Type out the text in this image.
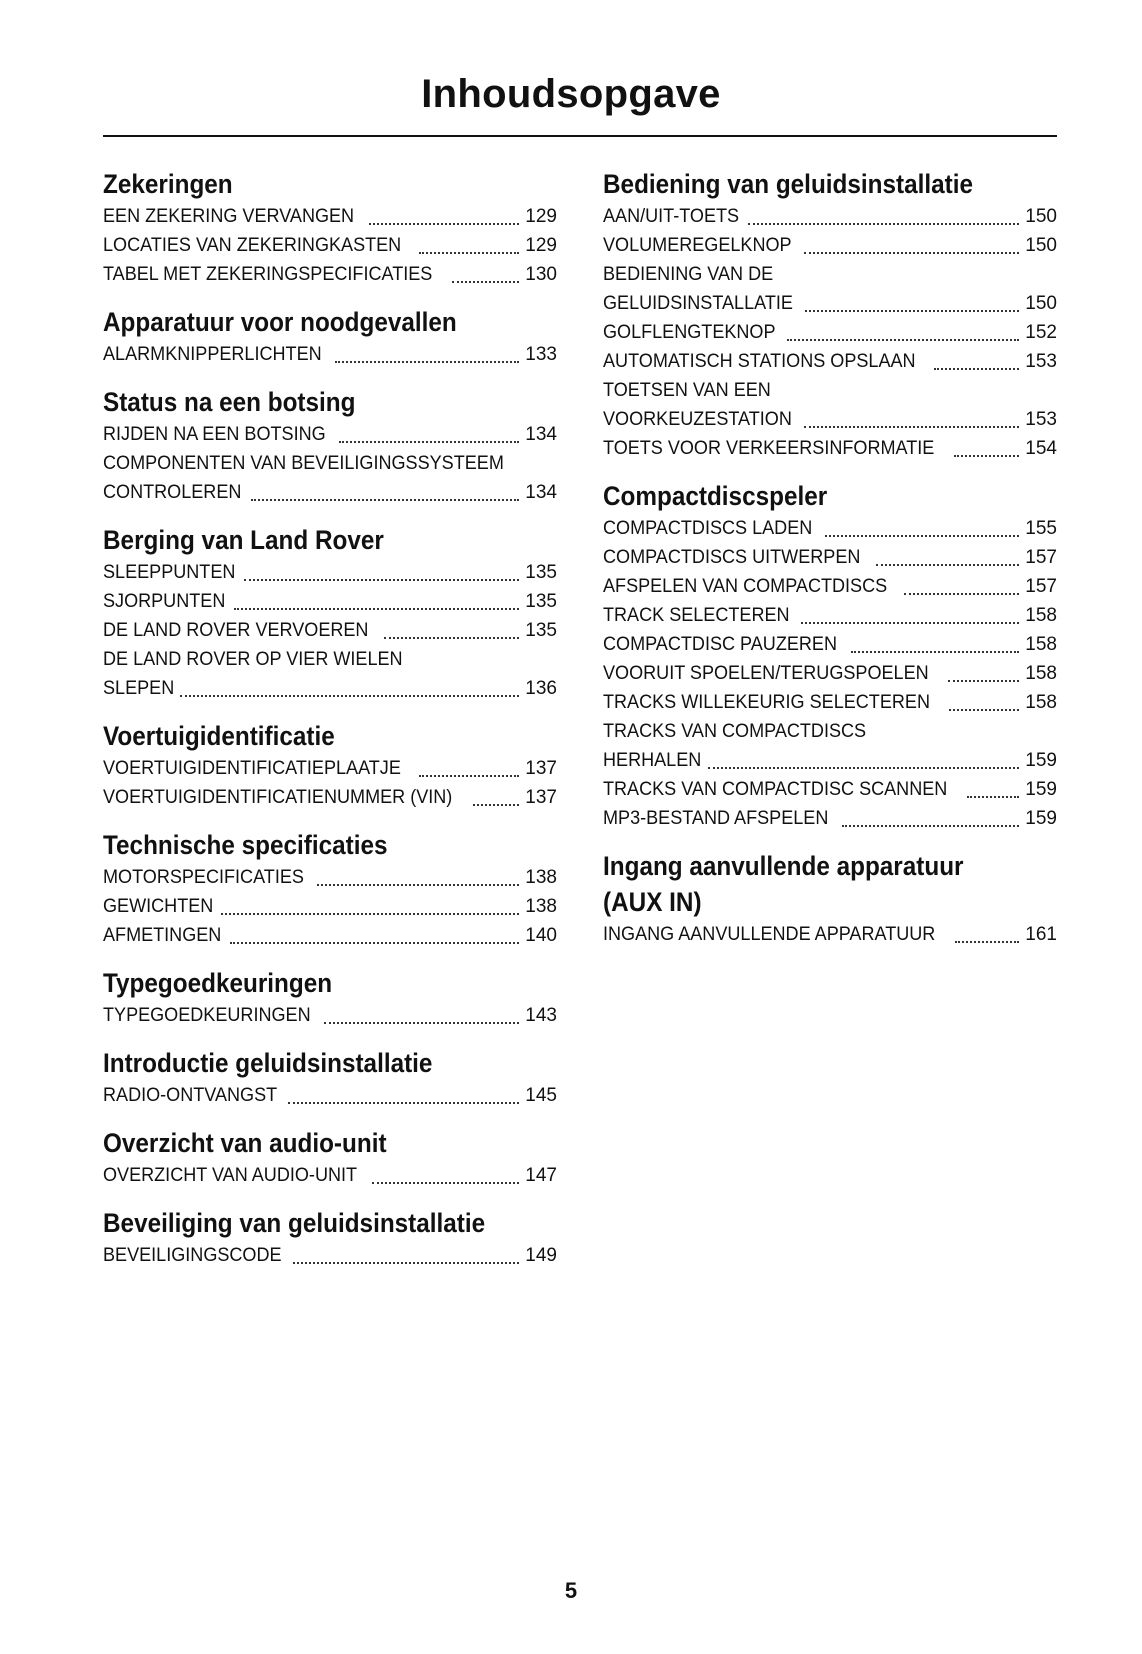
Inhoudsopgave
Zekeringen
EEN ZEKERING VERVANGEN	129
LOCATIES VAN ZEKERINGKASTEN	129
TABEL MET ZEKERINGSPECIFICATIES	130
Apparatuur voor noodgevallen
ALARMKNIPPERLICHTEN	133
Status na een botsing
RIJDEN NA EEN BOTSING	134
COMPONENTEN VAN BEVEILIGINGSSYSTEEM
CONTROLEREN	134
Berging van Land Rover
SLEEPPUNTEN	135
SJORPUNTEN	135
DE LAND ROVER VERVOEREN	135
DE LAND ROVER OP VIER WIELEN
SLEPEN	136
Voertuigidentificatie
VOERTUIGIDENTIFICATIEPLAATJE	137
VOERTUIGIDENTIFICATIENUMMER (VIN)	137
Technische specificaties
MOTORSPECIFICATIES	138
GEWICHTEN	138
AFMETINGEN	140
Typegoedkeuringen
TYPEGOEDKEURINGEN	143
Introductie geluidsinstallatie
RADIO-ONTVANGST	145
Overzicht van audio-unit
OVERZICHT VAN AUDIO-UNIT	147
Beveiliging van geluidsinstallatie
BEVEILIGINGSCODE	149
Bediening van geluidsinstallatie
AAN/UIT-TOETS	150
VOLUMEREGELKNOP	150
BEDIENING VAN DE
GELUIDSINSTALLATIE	150
GOLFLENGTEKNOP	152
AUTOMATISCH STATIONS OPSLAAN	153
TOETSEN VAN EEN
VOORKEUZESTATION	153
TOETS VOOR VERKEERSINFORMATIE	154
Compactdiscspeler
COMPACTDISCS LADEN	155
COMPACTDISCS UITWERPEN	157
AFSPELEN VAN COMPACTDISCS	157
TRACK SELECTEREN	158
COMPACTDISC PAUZEREN	158
VOORUIT SPOELEN/TERUGSPOELEN	158
TRACKS WILLEKEURIG SELECTEREN	158
TRACKS VAN COMPACTDISCS
HERHALEN	159
TRACKS VAN COMPACTDISC SCANNEN	159
MP3-BESTAND AFSPELEN	159
Ingang aanvullende apparatuur
(AUX IN)
INGANG AANVULLENDE APPARATUUR	161
5
